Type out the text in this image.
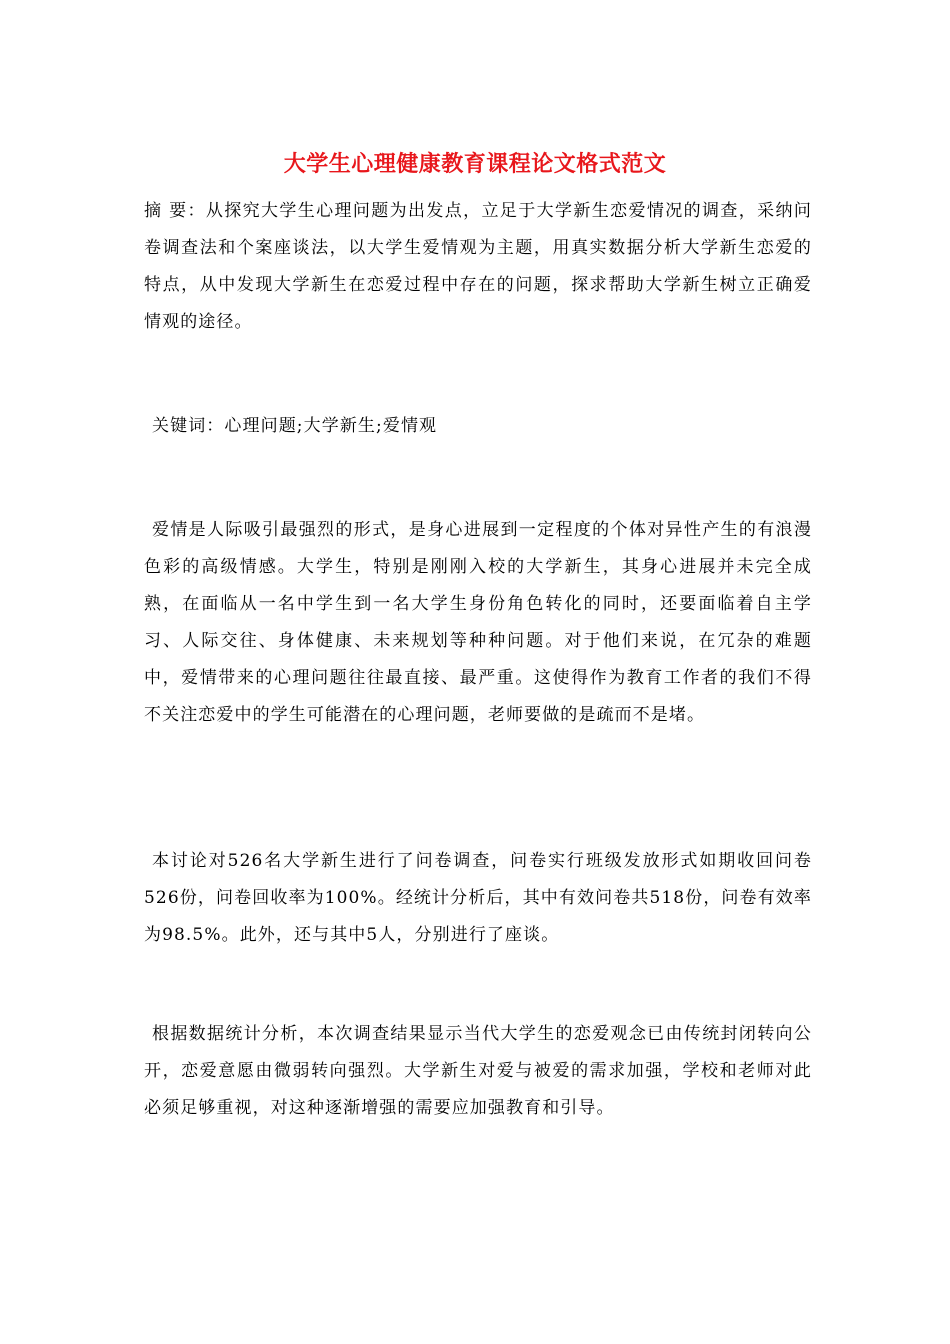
大学生心理健康教育课程论文格式范文

摘 要：从探究大学生心理问题为出发点，立足于大学新生恋爱情况的调查，采纳问卷调查法和个案座谈法，以大学生爱情观为主题，用真实数据分析大学新生恋爱的特点，从中发现大学新生在恋爱过程中存在的问题，探求帮助大学新生树立正确爱情观的途径。

关键词：心理问题;大学新生;爱情观

爱情是人际吸引最强烈的形式，是身心进展到一定程度的个体对异性产生的有浪漫色彩的高级情感。大学生，特别是刚刚入校的大学新生，其身心进展并未完全成熟，在面临从一名中学生到一名大学生身份角色转化的同时，还要面临着自主学习、人际交往、身体健康、未来规划等种种问题。对于他们来说，在冗杂的难题中，爱情带来的心理问题往往最直接、最严重。这使得作为教育工作者的我们不得不关注恋爱中的学生可能潜在的心理问题，老师要做的是疏而不是堵。

本讨论对526名大学新生进行了问卷调查，问卷实行班级发放形式如期收回问卷526份，问卷回收率为100%。经统计分析后，其中有效问卷共518份，问卷有效率为98.5%。此外，还与其中5人，分别进行了座谈。

根据数据统计分析，本次调查结果显示当代大学生的恋爱观念已由传统封闭转向公开，恋爱意愿由微弱转向强烈。大学新生对爱与被爱的需求加强，学校和老师对此必须足够重视，对这种逐渐增强的需要应加强教育和引导。
